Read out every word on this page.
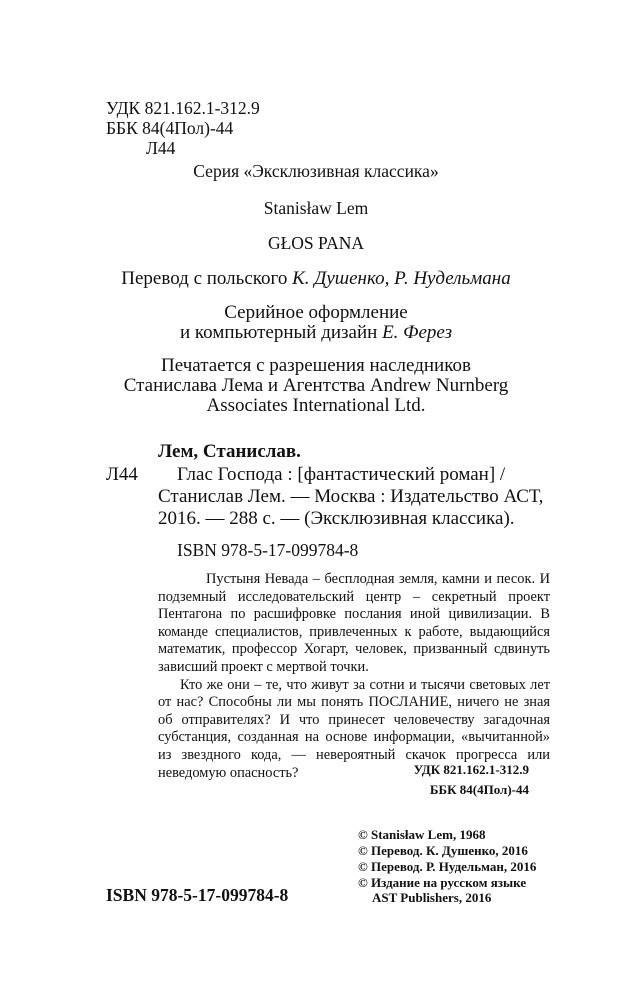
УДК 821.162.1-312.9
ББК 84(4Пол)-44
Л44
Серия «Эксклюзивная классика»
Stanisław Lem
GŁOS PANA
Перевод с польского К. Душенко, Р. Нудельмана
Серийное оформление
и компьютерный дизайн Е. Ферез
Печатается с разрешения наследников
Станислава Лема и Агентства Andrew Nurnberg
Associates International Ltd.
Лем, Станислав.
Л44 Глас Господа : [фантастический роман] /
Станислав Лем. — Москва : Издательство АСТ,
2016. — 288 с. — (Эксклюзивная классика).
ISBN 978-5-17-099784-8

Пустыня Невада – бесплодная земля, камни и песок. И подземный исследовательский центр – секретный проект Пентагона по расшифровке послания иной цивилизации. В команде специалистов, привлеченных к работе, выдающийся математик, профессор Хогарт, человек, призванный сдвинуть зависший проект с мертвой точки.

Кто же они – те, что живут за сотни и тысячи световых лет от нас? Способны ли мы понять ПОСЛАНИЕ, ничего не зная об отправителях? И что принесет человечеству загадочная субстанция, созданная на основе информации, «вычитанной» из звездного кода, — невероятный скачок прогресса или неведомую опасность?	УДК 821.162.1-312.9
ББК 84(4Пол)-44
© Stanisław Lem, 1968
© Перевод. К. Душенко, 2016
© Перевод. Р. Нудельман, 2016
© Издание на русском языке
AST Publishers, 2016
ISBN 978-5-17-099784-8
